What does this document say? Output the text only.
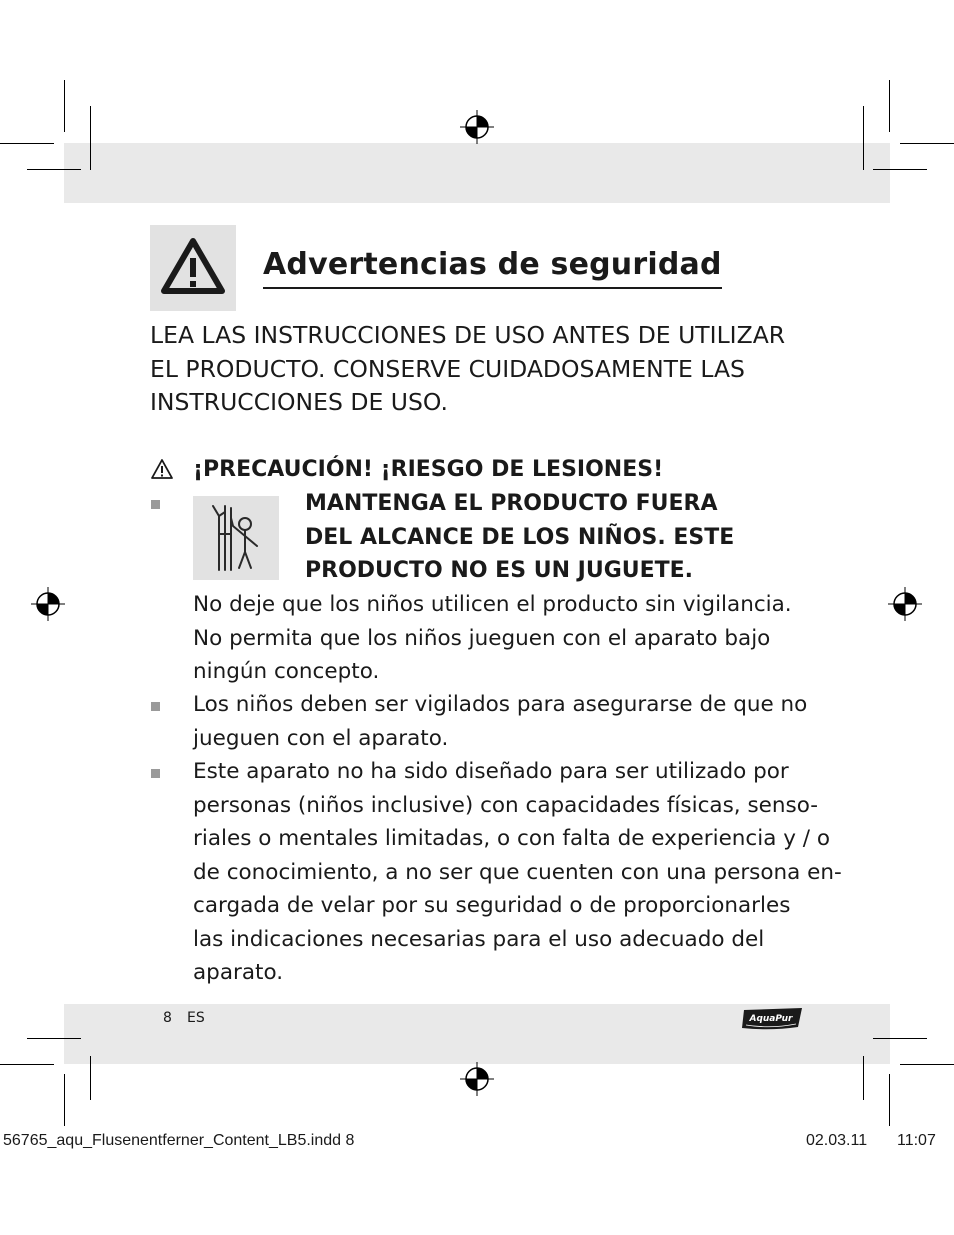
Advertencias de seguridad
LEA LAS INSTRUCCIONES DE USO ANTES DE UTILIZAR
EL PRODUCTO. CONSERVE CUIDADOSAMENTE LAS
INSTRUCCIONES DE USO.
¡PRECAUCIÓN! ¡RIESGO DE LESIONES!
MANTENGA EL PRODUCTO FUERA
DEL ALCANCE DE LOS NIÑOS. ESTE
PRODUCTO NO ES UN JUGUETE.
No deje que los niños utilicen el producto sin vigilancia.
No permita que los niños jueguen con el aparato bajo
ningún concepto.
Los niños deben ser vigilados para asegurarse de que no
jueguen con el aparato.
Este aparato no ha sido diseñado para ser utilizado por
personas (niños inclusive) con capacidades físicas, senso-
riales o mentales limitadas, o con falta de experiencia y / o
de conocimiento, a no ser que cuenten con una persona en-
cargada de velar por su seguridad o de proporcionarles
las indicaciones necesarias para el uso adecuado del
aparato.
8 ES	AquaPur
56765_aqu_Flusenentferner_Content_LB5.indd 8	02.03.11 11:07
